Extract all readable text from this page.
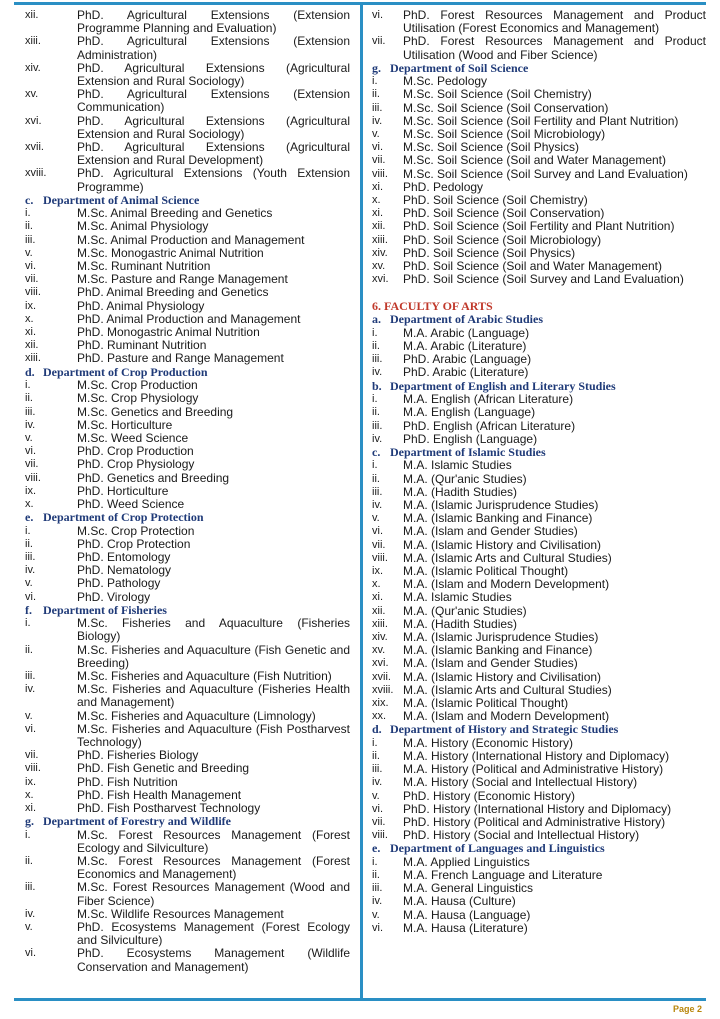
xii.	PhD. Agricultural Extensions (Extension Programme Planning and Evaluation)
xiii.	PhD. Agricultural Extensions (Extension Administration)
xiv.	PhD. Agricultural Extensions (Agricultural Extension and Rural Sociology)
xv.	PhD. Agricultural Extensions (Extension Communication)
xvi.	PhD. Agricultural Extensions (Agricultural Extension and Rural Sociology)
xvii.	PhD. Agricultural Extensions (Agricultural Extension and Rural Development)
xviii.	PhD. Agricultural Extensions (Youth Extension Programme)
c. Department of Animal Science
i.	M.Sc. Animal Breeding and Genetics
ii.	M.Sc. Animal Physiology
iii.	M.Sc. Animal Production and Management
v.	M.Sc. Monogastric Animal Nutrition
vi.	M.Sc. Ruminant Nutrition
vii.	M.Sc. Pasture and Range Management
viii.	PhD. Animal Breeding and Genetics
ix.	PhD. Animal Physiology
x.	PhD. Animal Production and Management
xi.	PhD. Monogastric Animal Nutrition
xii.	PhD. Ruminant Nutrition
xiii.	PhD. Pasture and Range Management
d. Department of Crop Production
i.	M.Sc. Crop Production
ii.	M.Sc. Crop Physiology
iii.	M.Sc. Genetics and Breeding
iv.	M.Sc. Horticulture
v.	M.Sc. Weed Science
vi.	PhD. Crop Production
vii.	PhD. Crop Physiology
viii.	PhD. Genetics and Breeding
ix.	PhD. Horticulture
x.	PhD. Weed Science
e. Department of Crop Protection
i.	M.Sc. Crop Protection
ii.	PhD. Crop Protection
iii.	PhD. Entomology
iv.	PhD. Nematology
v.	PhD. Pathology
vi.	PhD. Virology
f. Department of Fisheries
i.	M.Sc. Fisheries and Aquaculture (Fisheries Biology)
ii.	M.Sc. Fisheries and Aquaculture (Fish Genetic and Breeding)
iii.	M.Sc. Fisheries and Aquaculture (Fish Nutrition)
iv.	M.Sc. Fisheries and Aquaculture (Fisheries Health and Management)
v.	M.Sc. Fisheries and Aquaculture (Limnology)
vi.	M.Sc. Fisheries and Aquaculture (Fish Postharvest Technology)
vii.	PhD. Fisheries Biology
viii.	PhD. Fish Genetic and Breeding
ix.	PhD. Fish Nutrition
x.	PhD. Fish Health Management
xi.	PhD. Fish Postharvest Technology
g. Department of Forestry and Wildlife
i.	M.Sc. Forest Resources Management (Forest Ecology and Silviculture)
ii.	M.Sc. Forest Resources Management (Forest Economics and Management)
iii.	M.Sc. Forest Resources Management (Wood and Fiber Science)
iv.	M.Sc. Wildlife Resources Management
v.	PhD. Ecosystems Management (Forest Ecology and Silviculture)
vi.	PhD. Ecosystems Management (Wildlife Conservation and Management)
vi.	PhD. Forest Resources Management and Product Utilisation (Forest Economics and Management)
vii.	PhD. Forest Resources Management and Product Utilisation (Wood and Fiber Science)
g. Department of Soil Science
i.	M.Sc. Pedology
ii.	M.Sc. Soil Science (Soil Chemistry)
iii.	M.Sc. Soil Science (Soil Conservation)
iv.	M.Sc. Soil Science (Soil Fertility and Plant Nutrition)
v.	M.Sc. Soil Science (Soil Microbiology)
vi.	M.Sc. Soil Science (Soil Physics)
vii.	M.Sc. Soil Science (Soil and Water Management)
viii.	M.Sc. Soil Science (Soil Survey and Land Evaluation)
xi.	PhD. Pedology
x.	PhD. Soil Science (Soil Chemistry)
xi.	PhD. Soil Science (Soil Conservation)
xii.	PhD. Soil Science (Soil Fertility and Plant Nutrition)
xiii.	PhD. Soil Science (Soil Microbiology)
xiv.	PhD. Soil Science (Soil Physics)
xv.	PhD. Soil Science (Soil and Water Management)
xvi.	PhD. Soil Science (Soil Survey and Land Evaluation)
6. FACULTY OF ARTS
a. Department of Arabic Studies
i.	M.A. Arabic (Language)
ii.	M.A. Arabic (Literature)
iii.	PhD. Arabic (Language)
iv.	PhD. Arabic (Literature)
b. Department of English and Literary Studies
i.	M.A. English (African Literature)
ii.	M.A. English (Language)
iii.	PhD. English (African Literature)
iv.	PhD. English (Language)
c. Department of Islamic Studies
i.	M.A. Islamic Studies
ii.	M.A. (Qur'anic Studies)
iii.	M.A. (Hadith Studies)
iv.	M.A. (Islamic Jurisprudence Studies)
v.	M.A. (Islamic Banking and Finance)
vi.	M.A. (Islam and Gender Studies)
vii.	M.A. (Islamic History and Civilisation)
viii.	M.A. (Islamic Arts and Cultural Studies)
ix.	M.A. (Islamic Political Thought)
x.	M.A. (Islam and Modern Development)
xi.	M.A. Islamic Studies
xii.	M.A. (Qur'anic Studies)
xiii.	M.A. (Hadith Studies)
xiv.	M.A. (Islamic Jurisprudence Studies)
xv.	M.A. (Islamic Banking and Finance)
xvi.	M.A. (Islam and Gender Studies)
xvii.	M.A. (Islamic History and Civilisation)
xviii. M.A. (Islamic Arts and Cultural Studies)
xix.	M.A. (Islamic Political Thought)
xx.	M.A. (Islam and Modern Development)
d. Department of History and Strategic Studies
i.	M.A. History (Economic History)
ii.	M.A. History (International History and Diplomacy)
iii.	M.A. History (Political and Administrative History)
iv.	M.A. History (Social and Intellectual History)
v.	PhD. History (Economic History)
vi.	PhD. History (International History and Diplomacy)
vii.	PhD. History (Political and Administrative History)
viii.	PhD. History (Social and Intellectual History)
e. Department of Languages and Linguistics
i.	M.A. Applied Linguistics
ii.	M.A. French Language and Literature
iii.	M.A. General Linguistics
iv.	M.A. Hausa (Culture)
v.	M.A. Hausa (Language)
vi.	M.A. Hausa (Literature)
Page 2
